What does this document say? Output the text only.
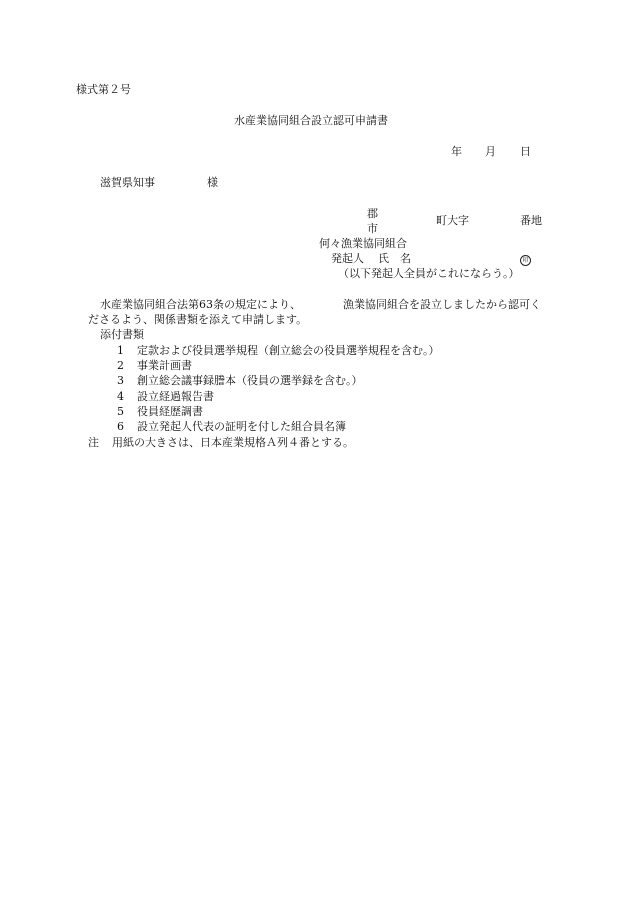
様式第２号
水産業協同組合設立認可申請書
年 月 日
滋賀県知事	様
郡
市
町大字	番地
何々漁業協同組合
発起人 氏　名	印
（以下発起人全員がこれにならう。）
水産業協同組合法第63条の規定により、	漁業協同組合を設立しましたから認可く
ださるよう、関係書類を添えて申請します。
添付書類
1 定款および役員選挙規程（創立総会の役員選挙規程を含む。）
2 事業計画書
3 創立総会議事録謄本（役員の選挙録を含む。）
4 設立経過報告書
5 役員経歴調書
6 設立発起人代表の証明を付した組合員名簿
注 用紙の大きさは、日本産業規格Ａ列４番とする。
